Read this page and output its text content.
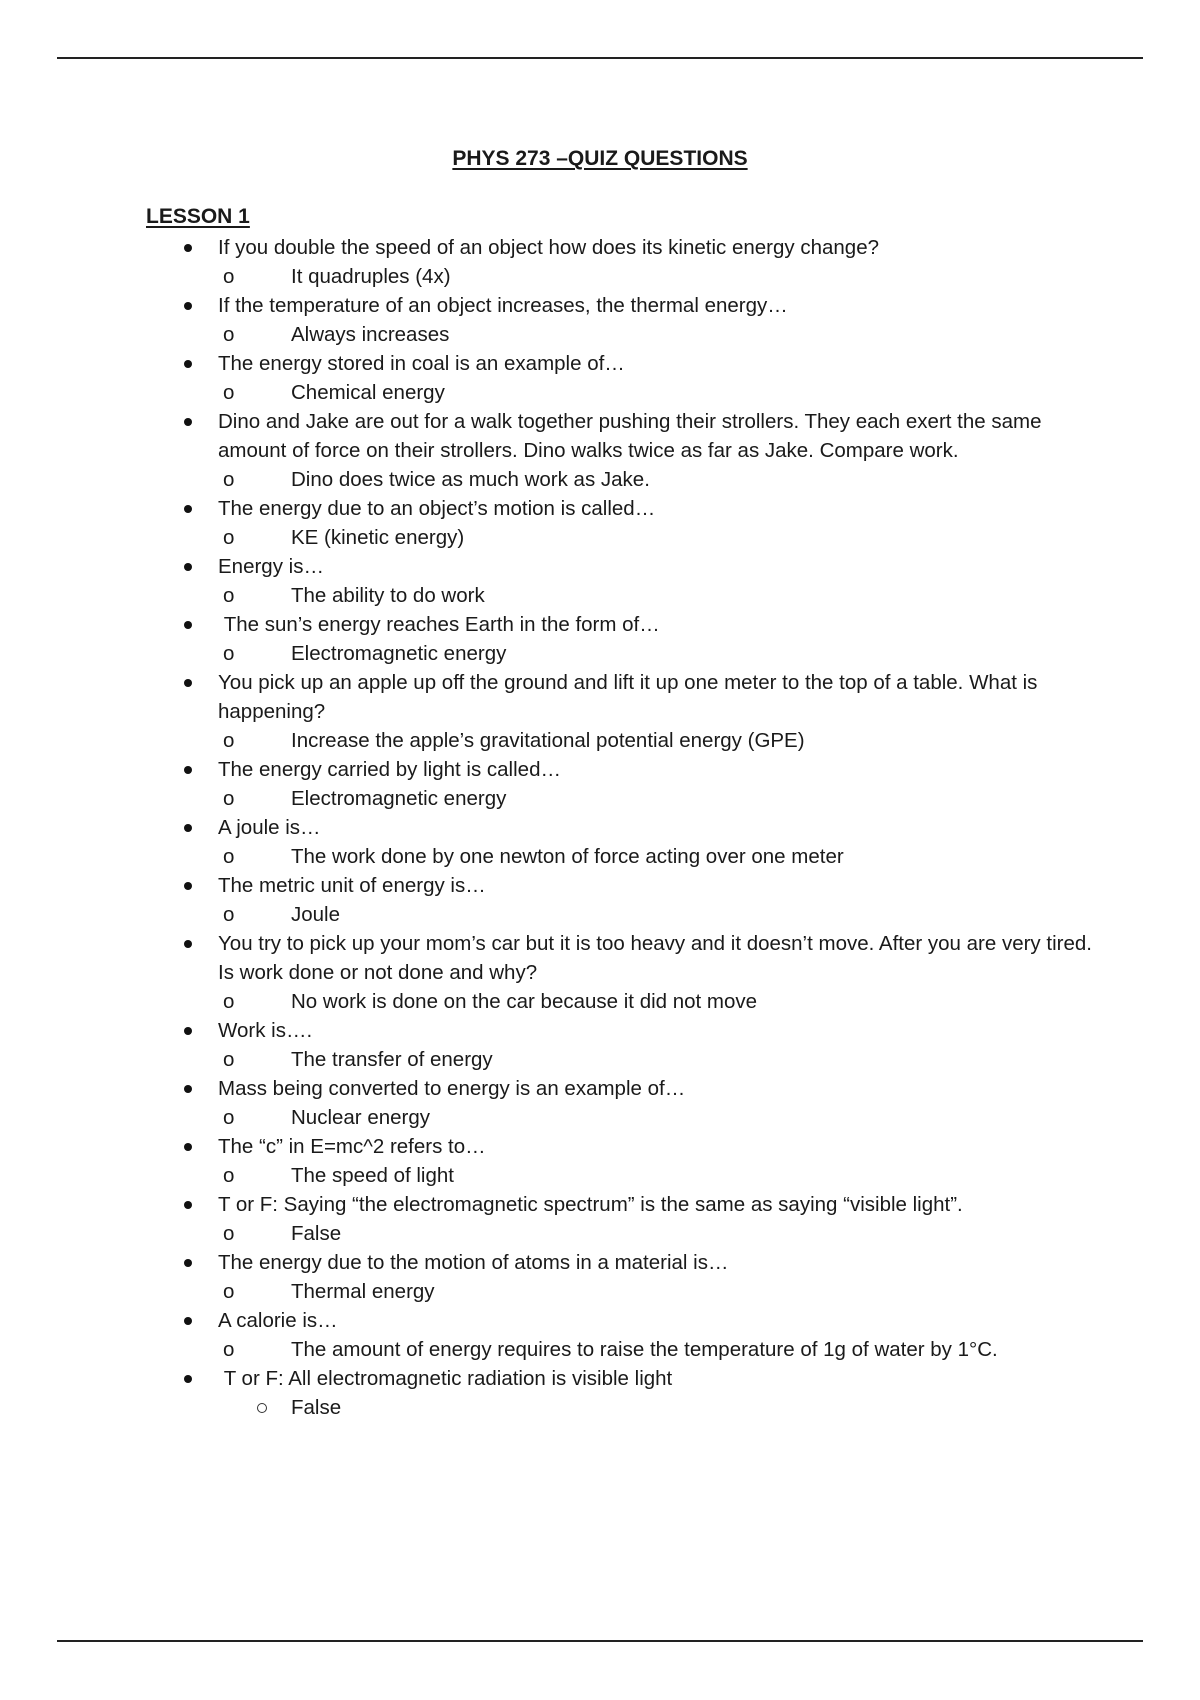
PHYS 273 –QUIZ QUESTIONS
LESSON 1
If you double the speed of an object how does its kinetic energy change?
o	It quadruples (4x)
If the temperature of an object increases, the thermal energy…
o	Always increases
The energy stored in coal is an example of…
o	Chemical energy
Dino and Jake are out for a walk together pushing their strollers. They each exert the same amount of force on their strollers. Dino walks twice as far as Jake. Compare work.
o	Dino does twice as much work as Jake.
The energy due to an object’s motion is called…
o	KE (kinetic energy)
Energy is…
o	The ability to do work
The sun’s energy reaches Earth in the form of…
o	Electromagnetic energy
You pick up an apple up off the ground and lift it up one meter to the top of a table. What is happening?
o	Increase the apple’s gravitational potential energy (GPE)
The energy carried by light is called…
o	Electromagnetic energy
A joule is…
o	The work done by one newton of force acting over one meter
The metric unit of energy is…
o	Joule
You try to pick up your mom’s car but it is too heavy and it doesn’t move. After you are very tired. Is work done or not done and why?
o	No work is done on the car because it did not move
Work is….
o	The transfer of energy
Mass being converted to energy is an example of…
o	Nuclear energy
The “c” in E=mc^2 refers to…
o	The speed of light
T or F: Saying “the electromagnetic spectrum” is the same as saying “visible light”.
o	False
The energy due to the motion of atoms in a material is…
o	Thermal energy
A calorie is…
o	The amount of energy requires to raise the temperature of 1g of water by 1°C.
T or F: All electromagnetic radiation is visible light
False
